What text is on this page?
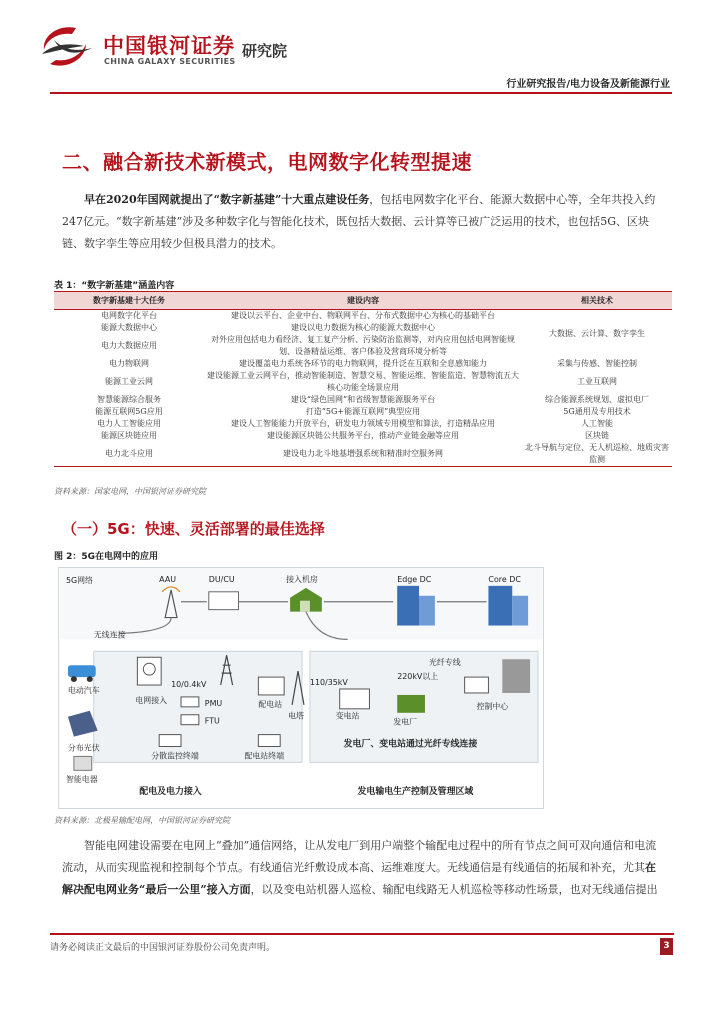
中国银河证券
CHINA GALAXY SECURITIES
研究院
行业研究报告/电力设备及新能源行业
二、融合新技术新模式，电网数字化转型提速

早在2020年国网就提出了“数字新基建”十大重点建设任务，包括电网数字化平台、能源大数据中心等，全年共投入约247亿元。“数字新基建”涉及多种数字化与智能化技术，既包括大数据、云计算等已被广泛运用的技术，也包括5G、区块链、数字孪生等应用较少但极具潜力的技术。

表 1：“数字新基建”涵盖内容
数字新基建十大任务	建设内容	相关技术
电网数字化平台	建设以云平台、企业中台、物联网平台、分布式数据中心为核心的基础平台	大数据、云计算、数字孪生
能源大数据中心	建设以电力数据为核心的能源大数据中心	
电力大数据应用	对外应用包括电力看经济、复工复产分析、污染防治监测等，对内应用包括电网智能规划、设备精益运维、客户体验及营商环境分析等	
电力物联网	建设覆盖电力系统各环节的电力物联网，提升泛在互联和全息感知能力	采集与传感、智能控制
能源工业云网	建设能源工业云网平台，推动智能制造、智慧交易、智能运维、智能监造、智慧物流五大核心功能全场景应用	工业互联网
智慧能源综合服务	建设“绿色国网”和省级智慧能源服务平台	综合能源系统规划、虚拟电厂
能源互联网5G应用	打造“5G+能源互联网”典型应用	5G通用及专用技术
电力人工智能应用	建设人工智能能力开放平台，研发电力领域专用模型和算法，打造精品应用	人工智能
能源区块链应用	建设能源区块链公共服务平台，推动产业链金融等应用	区块链
电力北斗应用	建设电力北斗地基增强系统和精准时空服务网	北斗导航与定位、无人机巡检、地质灾害监测
资料来源：国家电网，中国银河证券研究院
（一）5G：快速、灵活部署的最佳选择
图 2：5G在电网中的应用
5G网络	AAU	DU/CU	接入机房	Edge DC	Core DC
无线连接
电动汽车
10/0.4kV
电网接入	PMU
FTU
配电站
分布光伏
分散监控终端	配电站终端
智能电器
配电及电力接入
110/35kV
电塔	变电站
光纤专线
220kV以上
发电厂
控制中心
发电厂、变电站通过光纤专线连接
发电输电生产控制及管理区域
资料来源：北极星输配电网，中国银河证券研究院

智能电网建设需要在电网上“叠加”通信网络，让从发电厂到用户端整个输配电过程中的所有节点之间可双向通信和电流流动，从而实现监视和控制每个节点。有线通信光纤敷设成本高、运维难度大。无线通信是有线通信的拓展和补充，尤其在解决配电网业务“最后一公里”接入方面，以及变电站机器人巡检、输配电线路无人机巡检等移动性场景，也对无线通信提出

请务必阅读正文最后的中国银河证券股份公司免责声明。	3
